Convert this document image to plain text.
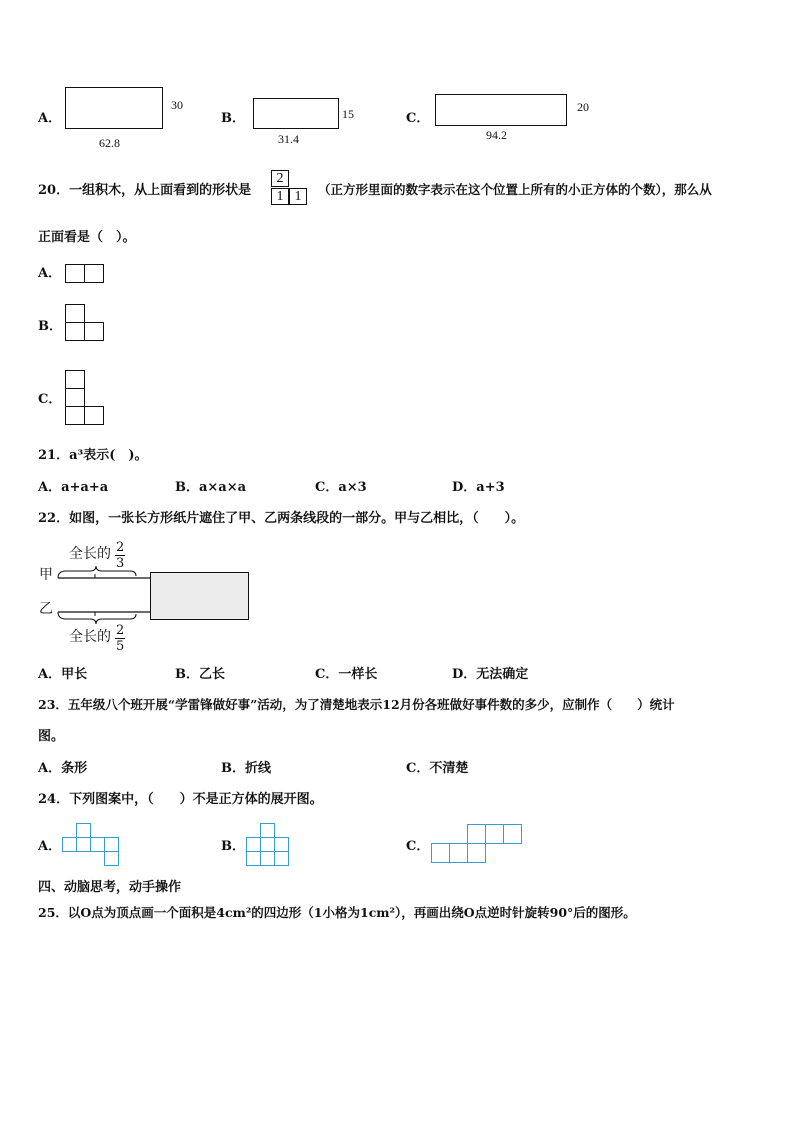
A．
30
62.8
B．	15
31.4
C．
20
94.2
20．一组积木，从上面看到的形状是
2
1 1	（正方形里面的数字表示在这个位置上所有的小正方体的个数），那么从
正面看是（　）。
A．
B．
C．
21．a³表示(　)。
A．a+a+a	B．a×a×a	C．a×3	D．a+3
22．如图，一张长方形纸片遮住了甲、乙两条线段的一部分。甲与乙相比，（　　）。
全长的 2
3
甲
乙
全长的 2
5
A．甲长	B．乙长	C．一样长	D．无法确定
23．五年级八个班开展“学雷锋做好事”活动，为了清楚地表示12月份各班做好事件数的多少，应制作（　　）统计
图。
A．条形	B．折线	C．不清楚
24．下列图案中，（　　）不是正方体的展开图。
A．	B．	C．
四、动脑思考，动手操作
25．以O点为顶点画一个面积是4cm²的四边形（1小格为1cm²），再画出绕O点逆时针旋转90°后的图形。
